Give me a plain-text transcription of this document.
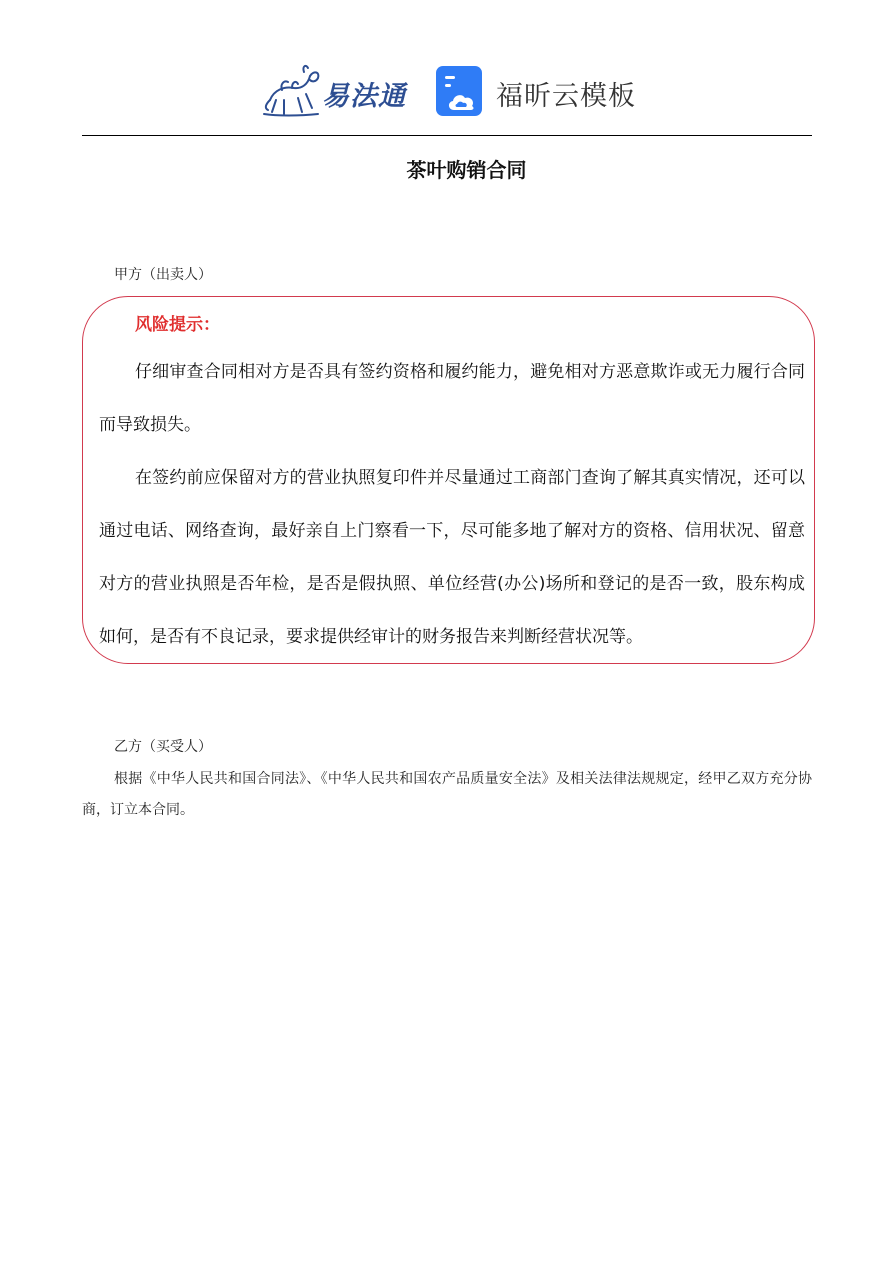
易法通	福昕云模板
茶叶购销合同
甲方（出卖人）
风险提示：

仔细审查合同相对方是否具有签约资格和履约能力，避免相对方恶意欺诈或无力履行合同而导致损失。

在签约前应保留对方的营业执照复印件并尽量通过工商部门查询了解其真实情况，还可以通过电话、网络查询，最好亲自上门察看一下，尽可能多地了解对方的资格、信用状况、留意对方的营业执照是否年检，是否是假执照、单位经营(办公)场所和登记的是否一致，股东构成如何，是否有不良记录，要求提供经审计的财务报告来判断经营状况等。

乙方（买受人）

根据《中华人民共和国合同法》、《中华人民共和国农产品质量安全法》及相关法律法规规定，经甲乙双方充分协商，订立本合同。
